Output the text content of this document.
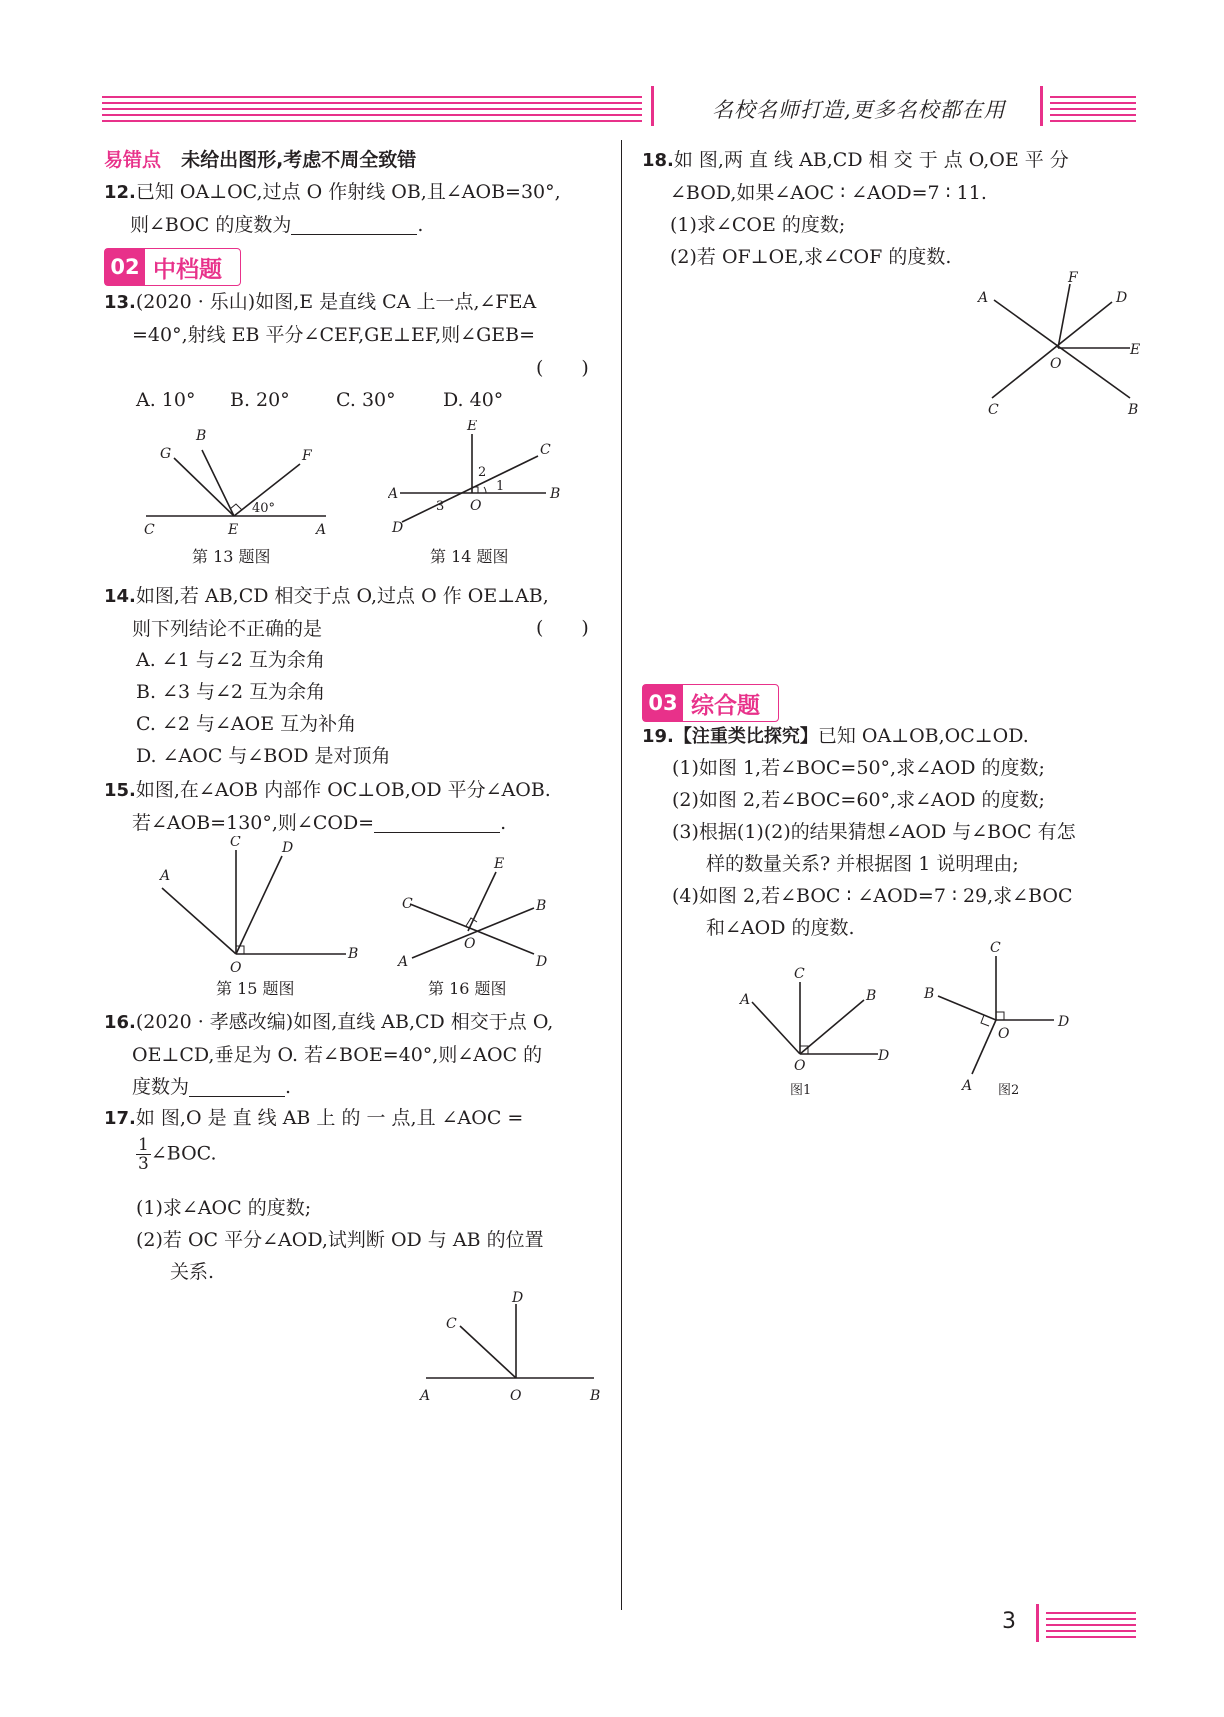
名校名师打造,更多名校都在用
易错点 未给出图形,考虑不周全致错
12.已知 OA⊥OC,过点 O 作射线 OB,且∠AOB=30°,
则∠BOC 的度数为	.
02 中档题
13.(2020 · 乐山)如图,E 是直线 CA 上一点,∠FEA
=40°,射线 EB 平分∠CEF,GE⊥EF,则∠GEB=
(　　)
A. 10° B. 20° C. 30° D. 40°
G
B
F
C	E	A
40°
第 13 题图
E
C
A	B
D
O
1
2
3
第 14 题图
14.如图,若 AB,CD 相交于点 O,过点 O 作 OE⊥AB,
则下列结论不正确的是	(　　)
A. ∠1 与∠2 互为余角
B. ∠3 与∠2 互为余角
C. ∠2 与∠AOE 互为补角
D. ∠AOC 与∠BOD 是对顶角
15.如图,在∠AOB 内部作 OC⊥OB,OD 平分∠AOB.
若∠AOB=130°,则∠COD=	.
A
C	D
O
B
第 15 题图
E
C	B
O
A	D
第 16 题图
16.(2020 · 孝感改编)如图,直线 AB,CD 相交于点 O,
OE⊥CD,垂足为 O. 若∠BOE=40°,则∠AOC 的
度数为	.
17.如 图,O 是 直 线 AB 上 的 一 点,且 ∠AOC =
$\frac{1}{3}$ ∠BOC.
(1)求∠AOC 的度数;
(2)若 OC 平分∠AOD,试判断 OD 与 AB 的位置
关系.
D
C
A	O	B
18.如 图,两 直 线 AB,CD 相 交 于 点 O,OE 平 分
∠BOD,如果∠AOC ∶ ∠AOD=7 ∶ 11.
(1)求∠COE 的度数;
(2)若 OF⊥OE,求∠COF 的度数.
F
A	D
E
O
C	B
03 综合题
19.【注重类比探究】已知 OA⊥OB,OC⊥OD.
(1)如图 1,若∠BOC=50°,求∠AOD 的度数;
(2)如图 2,若∠BOC=60°,求∠AOD 的度数;
(3)根据(1)(2)的结果猜想∠AOD 与∠BOC 有怎
样的数量关系? 并根据图 1 说明理由;
(4)如图 2,若∠BOC ∶ ∠AOD=7 ∶ 29,求∠BOC
和∠AOD 的度数.
C
A	B
O
D
图1
C
B
D
O
A 图2
3
